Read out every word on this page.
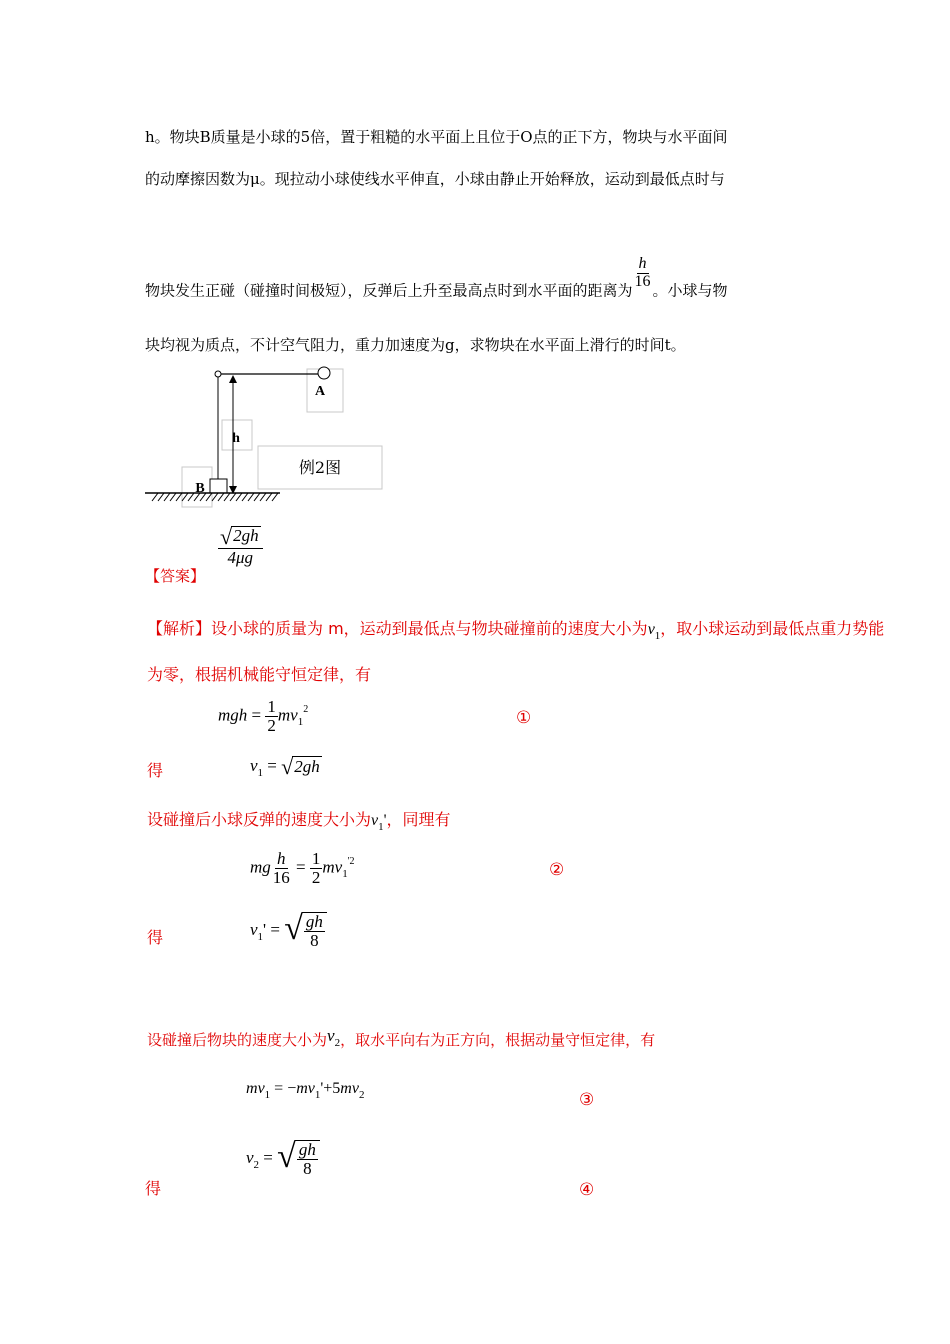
h。物块B质量是小球的5倍，置于粗糙的水平面上且位于O点的正下方，物块与水平面间
的动摩擦因数为μ。现拉动小球使线水平伸直，小球由静止开始释放，运动到最低点时与
物块发生正碰（碰撞时间极短），反弹后上升至最高点时到水平面的距离为 $\frac{h}{16}$ 。小球与物
块均视为质点，不计空气阻力，重力加速度为g，求物块在水平面上滑行的时间t。
A
h
B
例2图
【答案】
$\frac{√ 2gh}{4\mu g}$
【解析】设小球的质量为 m，运动到最低点与物块碰撞前的速度大小为$v_1$，取小球运动到最低点重力势能
为零，根据机械能守恒定律，有
mgh = $\frac{1}{2} mv_1^2$	①
得	$v_1$ = √ 2gh
设碰撞后小球反弹的速度大小为$v_1'$，同理有
mg $\frac{h}{16} = \frac{1}{2} mv_1^{'2}$	②
得	$v_1'$ = √ $\frac{gh}{8}$
设碰撞后物块的速度大小为$v_2$，取水平向右为正方向，根据动量守恒定律，有
$mv_1 = -mv_1'+5mv_2$	③
得
$v_2$ = √ $\frac{gh}{8}$
④
